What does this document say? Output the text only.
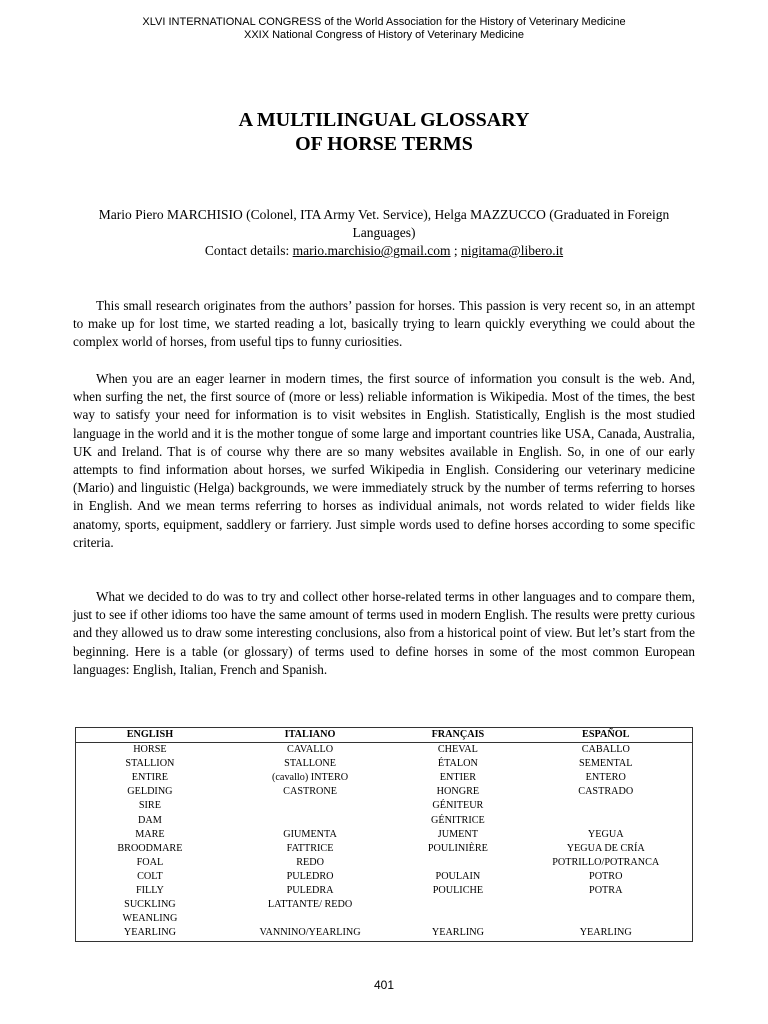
XLVI INTERNATIONAL CONGRESS of the World Association for the History of Veterinary Medicine
XXIX National Congress of History of Veterinary Medicine
A MULTILINGUAL GLOSSARY
OF HORSE TERMS
Mario Piero MARCHISIO (Colonel, ITA Army Vet. Service), Helga MAZZUCCO (Graduated in Foreign Languages)
Contact details: mario.marchisio@gmail.com ; nigitama@libero.it

This small research originates from the authors’ passion for horses. This passion is very recent so, in an attempt to make up for lost time, we started reading a lot, basically trying to learn quickly everything we could about the complex world of horses, from useful tips to funny curiosities.

When you are an eager learner in modern times, the first source of information you consult is the web. And, when surfing the net, the first source of (more or less) reliable information is Wikipedia. Most of the times, the best way to satisfy your need for information is to visit websites in English. Statistically, English is the most studied language in the world and it is the mother tongue of some large and important countries like USA, Canada, Australia, UK and Ireland. That is of course why there are so many websites available in English. So, in one of our early attempts to find information about horses, we surfed Wikipedia in English. Considering our veterinary medicine (Mario) and linguistic (Helga) backgrounds, we were immediately struck by the number of terms referring to horses in English. And we mean terms referring to horses as individual animals, not words related to wider fields like anatomy, sports, equipment, saddlery or farriery. Just simple words used to define horses according to some specific criteria.

What we decided to do was to try and collect other horse-related terms in other languages and to compare them, just to see if other idioms too have the same amount of terms used in modern English. The results were pretty curious and they allowed us to draw some interesting conclusions, also from a historical point of view. But let’s start from the beginning. Here is a table (or glossary) of terms used to define horses in some of the most common European languages: English, Italian, French and Spanish.

ENGLISH	ITALIANO	FRANÇAIS	ESPAÑOL
HORSE	CAVALLO	CHEVAL	CABALLO
STALLION	STALLONE	ÉTALON	SEMENTAL
ENTIRE	(cavallo) INTERO	ENTIER	ENTERO
GELDING	CASTRONE	HONGRE	CASTRADO
SIRE		GÉNITEUR	
DAM		GÉNITRICE	
MARE	GIUMENTA	JUMENT	YEGUA
BROODMARE	FATTRICE	POULINIÈRE	YEGUA DE CRÍA
FOAL	REDO		POTRILLO/POTRANCA
COLT	PULEDRO	POULAIN	POTRO
FILLY	PULEDRA	POULICHE	POTRA
SUCKLING	LATTANTE/ REDO		
WEANLING			
YEARLING	VANNINO/YEARLING	YEARLING	YEARLING
401
